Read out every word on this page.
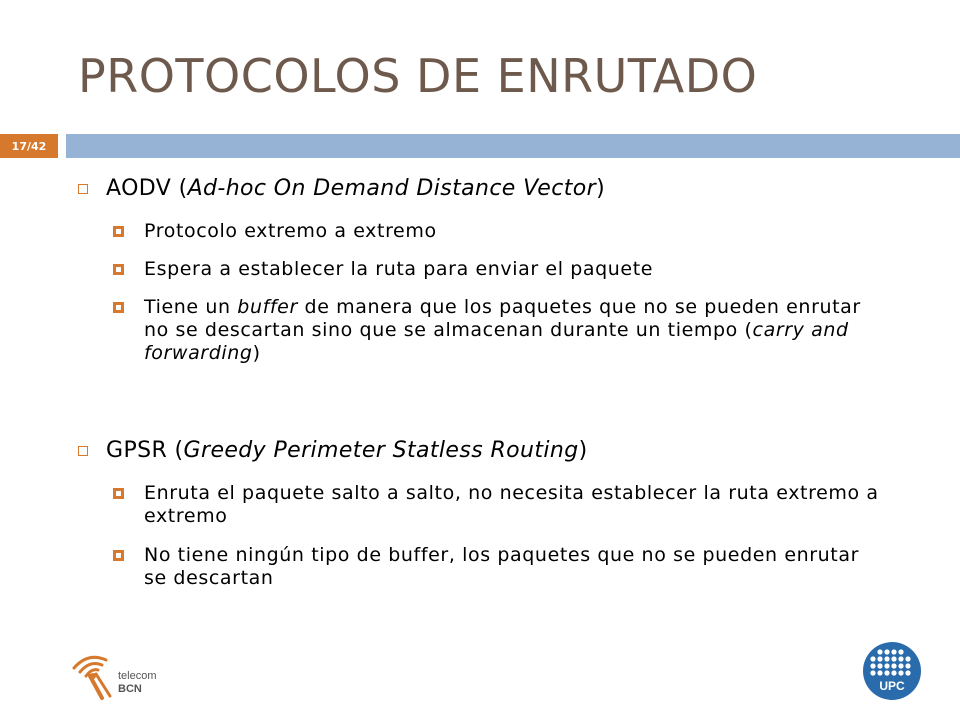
PROTOCOLOS DE ENRUTADO
17/42
AODV (Ad-hoc On Demand Distance Vector)
Protocolo extremo a extremo
Espera a establecer la ruta para enviar el paquete
Tiene un buffer de manera que los paquetes que no se pueden enrutar no se descartan sino que se almacenan durante un tiempo (carry and forwarding)
GPSR (Greedy Perimeter Statless Routing)
Enruta el paquete salto a salto, no necesita establecer la ruta extremo a extremo
No tiene ningún tipo de buffer, los paquetes que no se pueden enrutar se descartan
telecom
BCN	UPC
